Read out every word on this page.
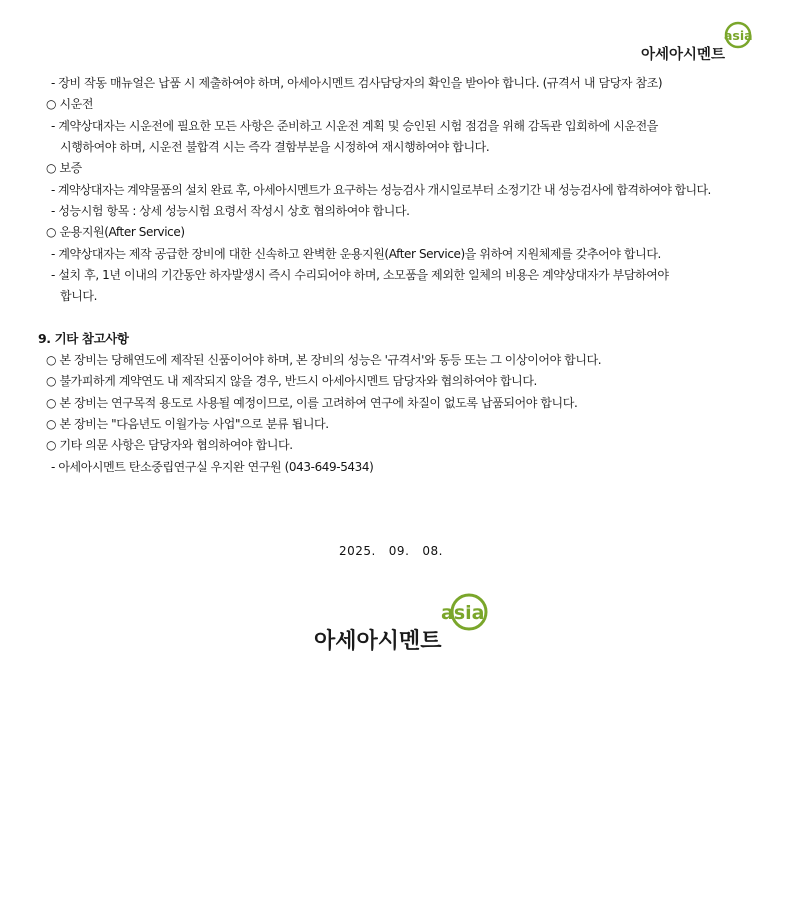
asia
아세아시멘트
- 장비 작동 매뉴얼은 납품 시 제출하여야 하며, 아세아시멘트 검사담당자의 확인을 받아야 합니다. (규격서 내 담당자 참조)
○ 시운전
- 계약상대자는 시운전에 필요한 모든 사항은 준비하고 시운전 계획 및 승인된 시험 점검을 위해 감독관 입회하에 시운전을
시행하여야 하며, 시운전 불합격 시는 즉각 결함부분을 시정하여 재시행하여야 합니다.
○ 보증
- 계약상대자는 계약물품의 설치 완료 후, 아세아시멘트가 요구하는 성능검사 개시일로부터 소정기간 내 성능검사에 합격하여야 합니다.
- 성능시험 항목 : 상세 성능시험 요령서 작성시 상호 협의하여야 합니다.
○ 운용지원(After Service)
- 계약상대자는 제작 공급한 장비에 대한 신속하고 완벽한 운용지원(After Service)을 위하여 지원체제를 갖추어야 합니다.
- 설치 후, 1년 이내의 기간동안 하자발생시 즉시 수리되어야 하며, 소모품을 제외한 일체의 비용은 계약상대자가 부담하여야
합니다.
9. 기타 참고사항
○ 본 장비는 당해연도에 제작된 신품이어야 하며, 본 장비의 성능은 '규격서'와 동등 또는 그 이상이어야 합니다.
○ 불가피하게 계약연도 내 제작되지 않을 경우, 반드시 아세아시멘트 담당자와 협의하여야 합니다.
○ 본 장비는 연구목적 용도로 사용될 예정이므로, 이를 고려하여 연구에 차질이 없도록 납품되어야 합니다.
○ 본 장비는 "다음년도 이월가능 사업"으로 분류 됩니다.
○ 기타 의문 사항은 담당자와 협의하여야 합니다.
- 아세아시멘트 탄소중립연구실 우지완 연구원 (043-649-5434)
2025.   09.   08.
asia
아세아시멘트
